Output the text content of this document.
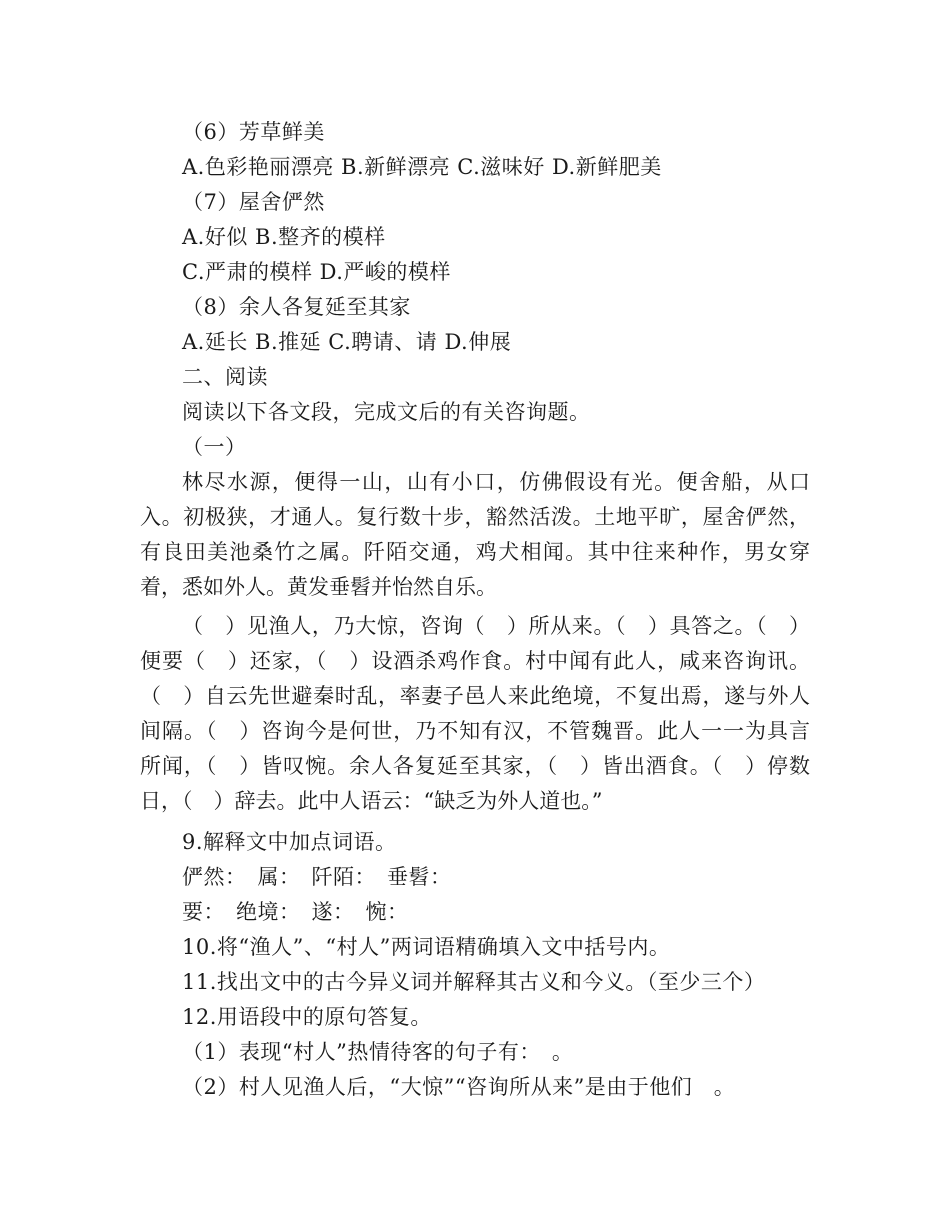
（6）芳草鲜美
A.色彩艳丽漂亮 B.新鲜漂亮 C.滋味好 D.新鲜肥美
（7）屋舍俨然
A.好似 B.整齐的模样
C.严肃的模样 D.严峻的模样
（8）余人各复延至其家
A.延长 B.推延 C.聘请、请 D.伸展
二、阅读
阅读以下各文段，完成文后的有关咨询题。
（一）
林尽水源，便得一山，山有小口，仿佛假设有光。便舍船，从口
入。初极狭，才通人。复行数十步，豁然活泼。土地平旷，屋舍俨然，
有良田美池桑竹之属。阡陌交通，鸡犬相闻。其中往来种作，男女穿
着，悉如外人。黄发垂髫并怡然自乐。
（　）见渔人，乃大惊，咨询（　）所从来。（　）具答之。（　）
便要（　）还家，（　）设酒杀鸡作食。村中闻有此人，咸来咨询讯。
（　）自云先世避秦时乱，率妻子邑人来此绝境，不复出焉，遂与外人
间隔。（　）咨询今是何世，乃不知有汉，不管魏晋。此人一一为具言
所闻，（　）皆叹惋。余人各复延至其家，（　）皆出酒食。（　）停数
日，（　）辞去。此中人语云：“缺乏为外人道也。”
9.解释文中加点词语。
俨然：　属：　阡陌：　垂髫：
要：　绝境：　遂：　惋：
10.将“渔人”、“村人”两词语精确填入文中括号内。
11.找出文中的古今异义词并解释其古义和今义。（至少三个）
12.用语段中的原句答复。
（1）表现“村人”热情待客的句子有：　。
（2）村人见渔人后，“大惊”“咨询所从来”是由于他们　。
